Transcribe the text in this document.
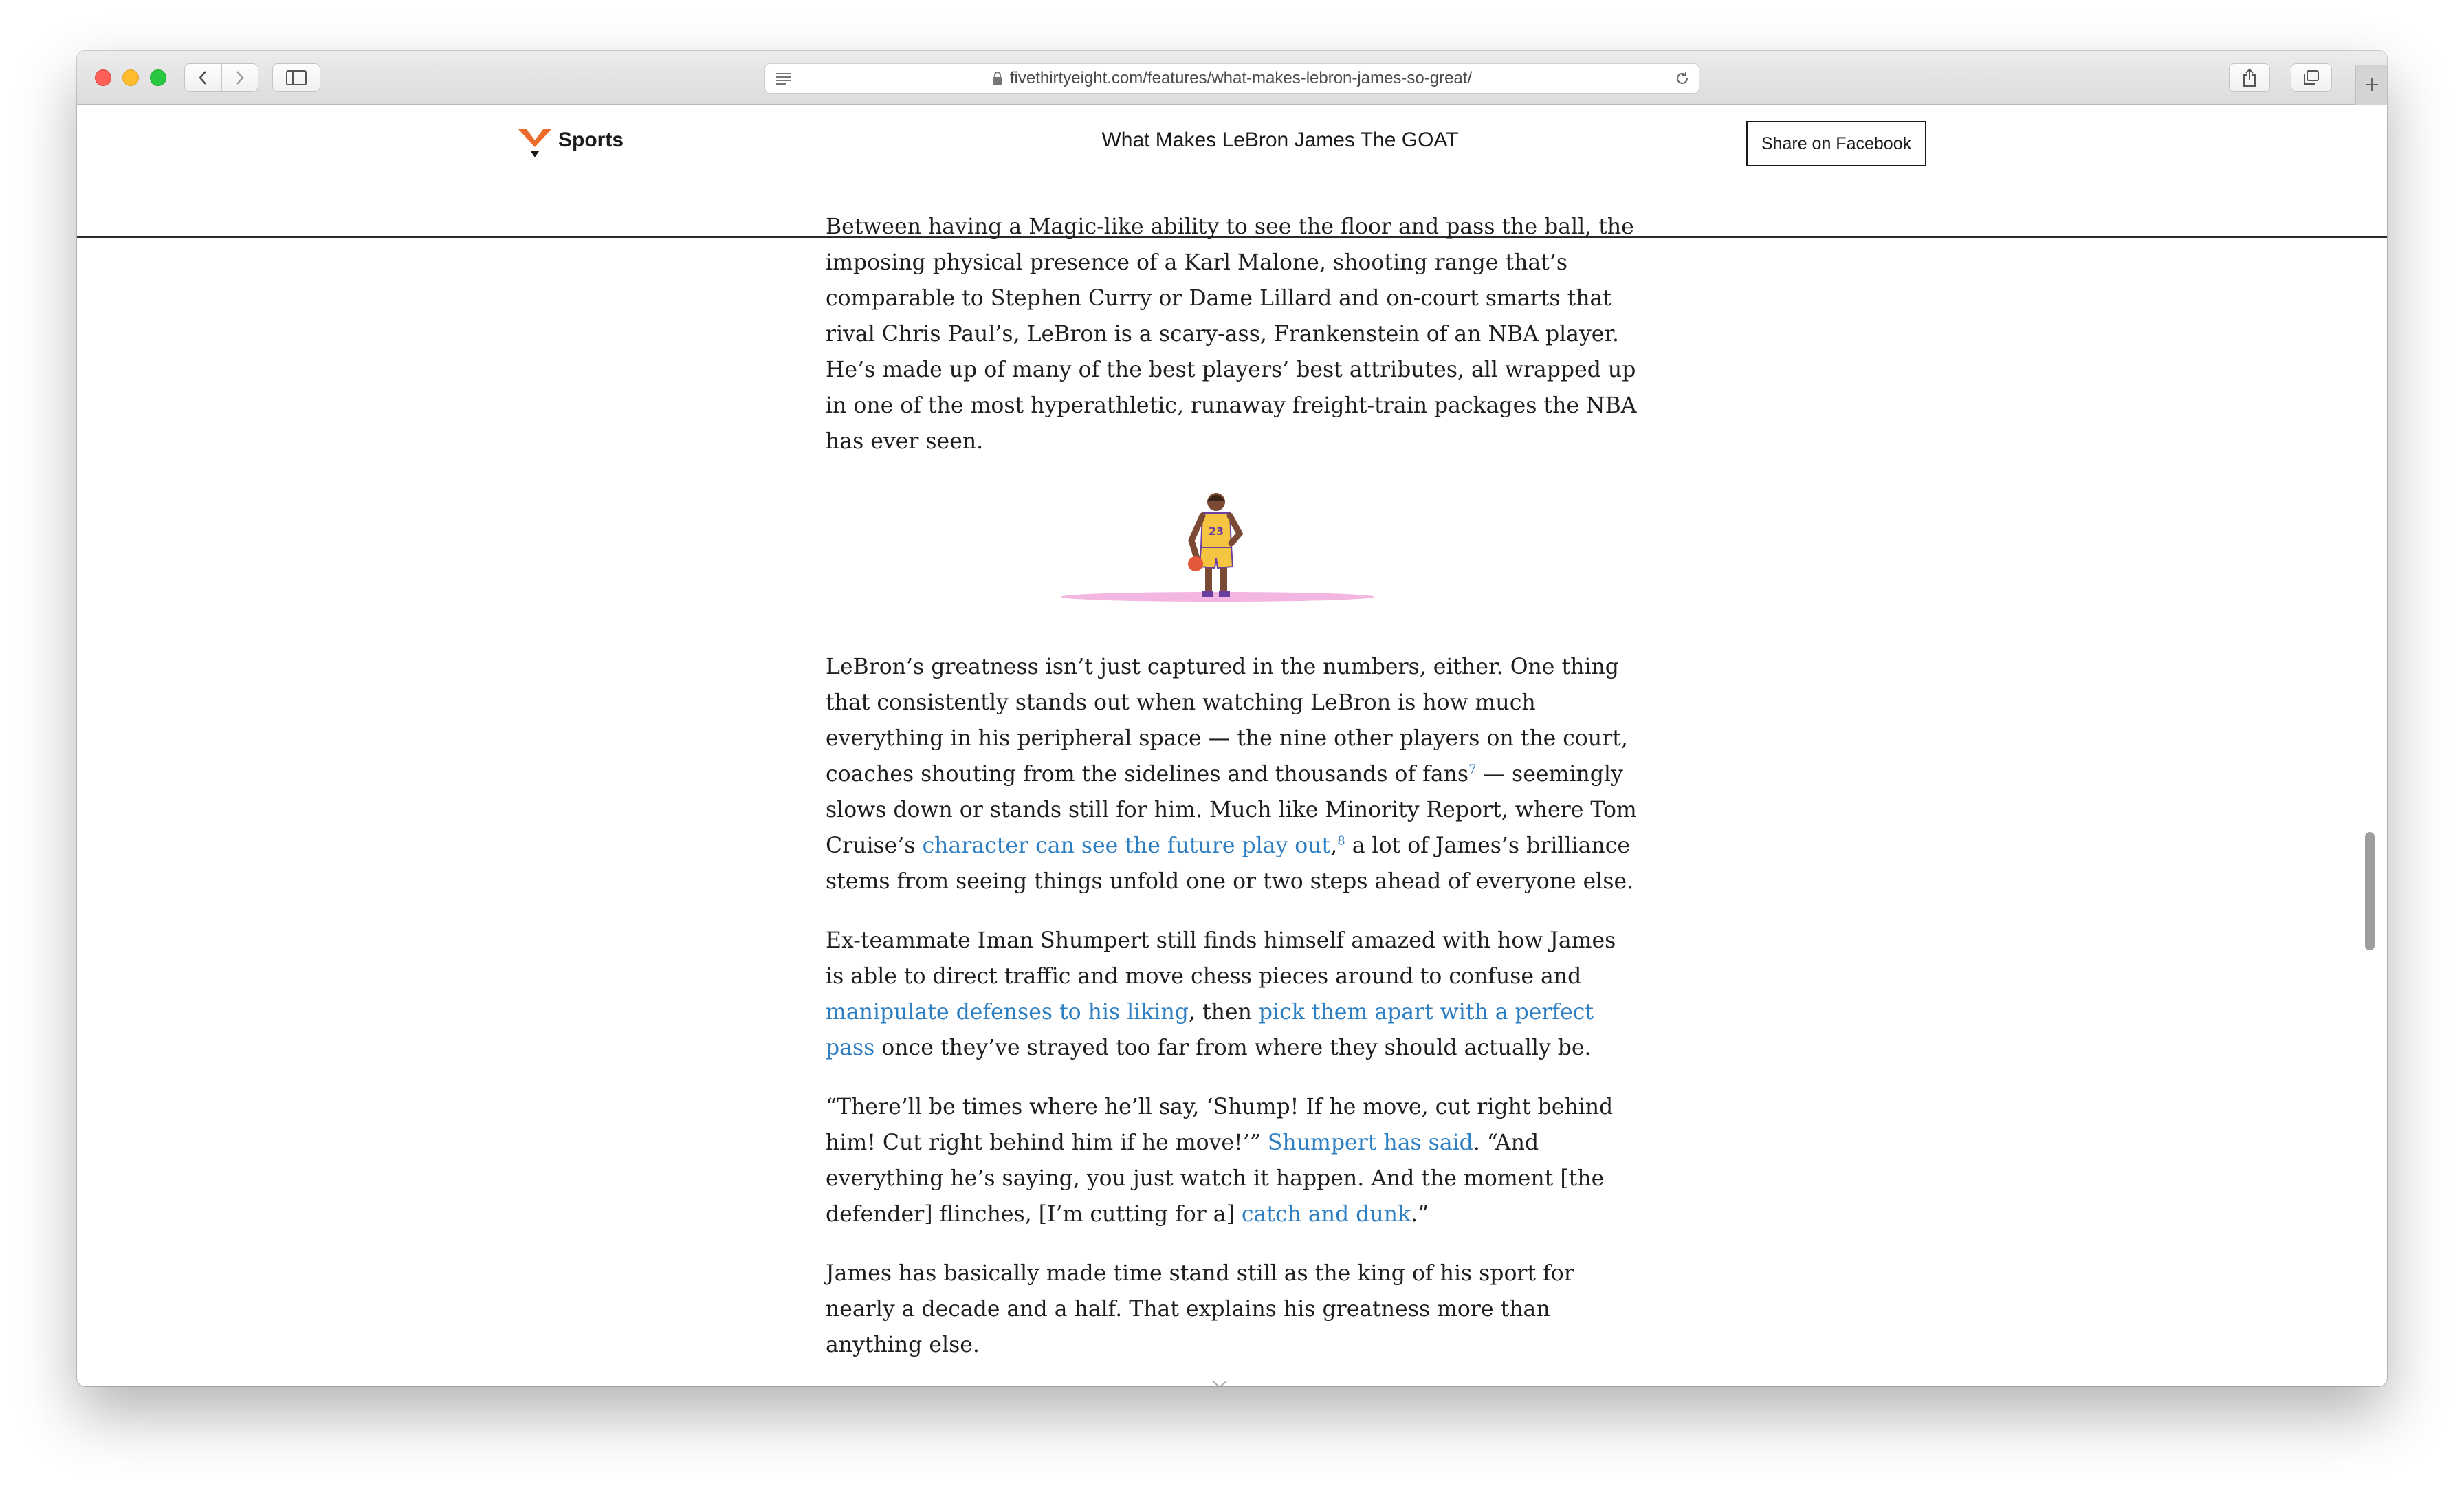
fivethirtyeight.com/features/what-makes-lebron-james-so-great/
Sports	What Makes LeBron James The GOAT	Share on Facebook

Between having a Magic-like ability to see the floor and pass the ball, the imposing physical presence of a Karl Malone, shooting range that’s comparable to Stephen Curry or Dame Lillard and on-court smarts that rival Chris Paul’s, LeBron is a scary-ass, Frankenstein of an NBA player. He’s made up of many of the best players’ best attributes, all wrapped up in one of the most hyperathletic, runaway freight-train packages the NBA has ever seen.

23

LeBron’s greatness isn’t just captured in the numbers, either. One thing that consistently stands out when watching LeBron is how much everything in his peripheral space — the nine other players on the court, coaches shouting from the sidelines and thousands of fans$^7$ — seemingly slows down or stands still for him. Much like Minority Report, where Tom Cruise’s character can see the future play out,$^8$ a lot of James’s brilliance stems from seeing things unfold one or two steps ahead of everyone else.

Ex-teammate Iman Shumpert still finds himself amazed with how James is able to direct traffic and move chess pieces around to confuse and manipulate defenses to his liking, then pick them apart with a perfect pass once they’ve strayed too far from where they should actually be.

“There’ll be times where he’ll say, ‘Shump! If he move, cut right behind him! Cut right behind him if he move!’” Shumpert has said. “And everything he’s saying, you just watch it happen. And the moment [the defender] flinches, [I’m cutting for a] catch and dunk.”

James has basically made time stand still as the king of his sport for nearly a decade and a half. That explains his greatness more than anything else.
